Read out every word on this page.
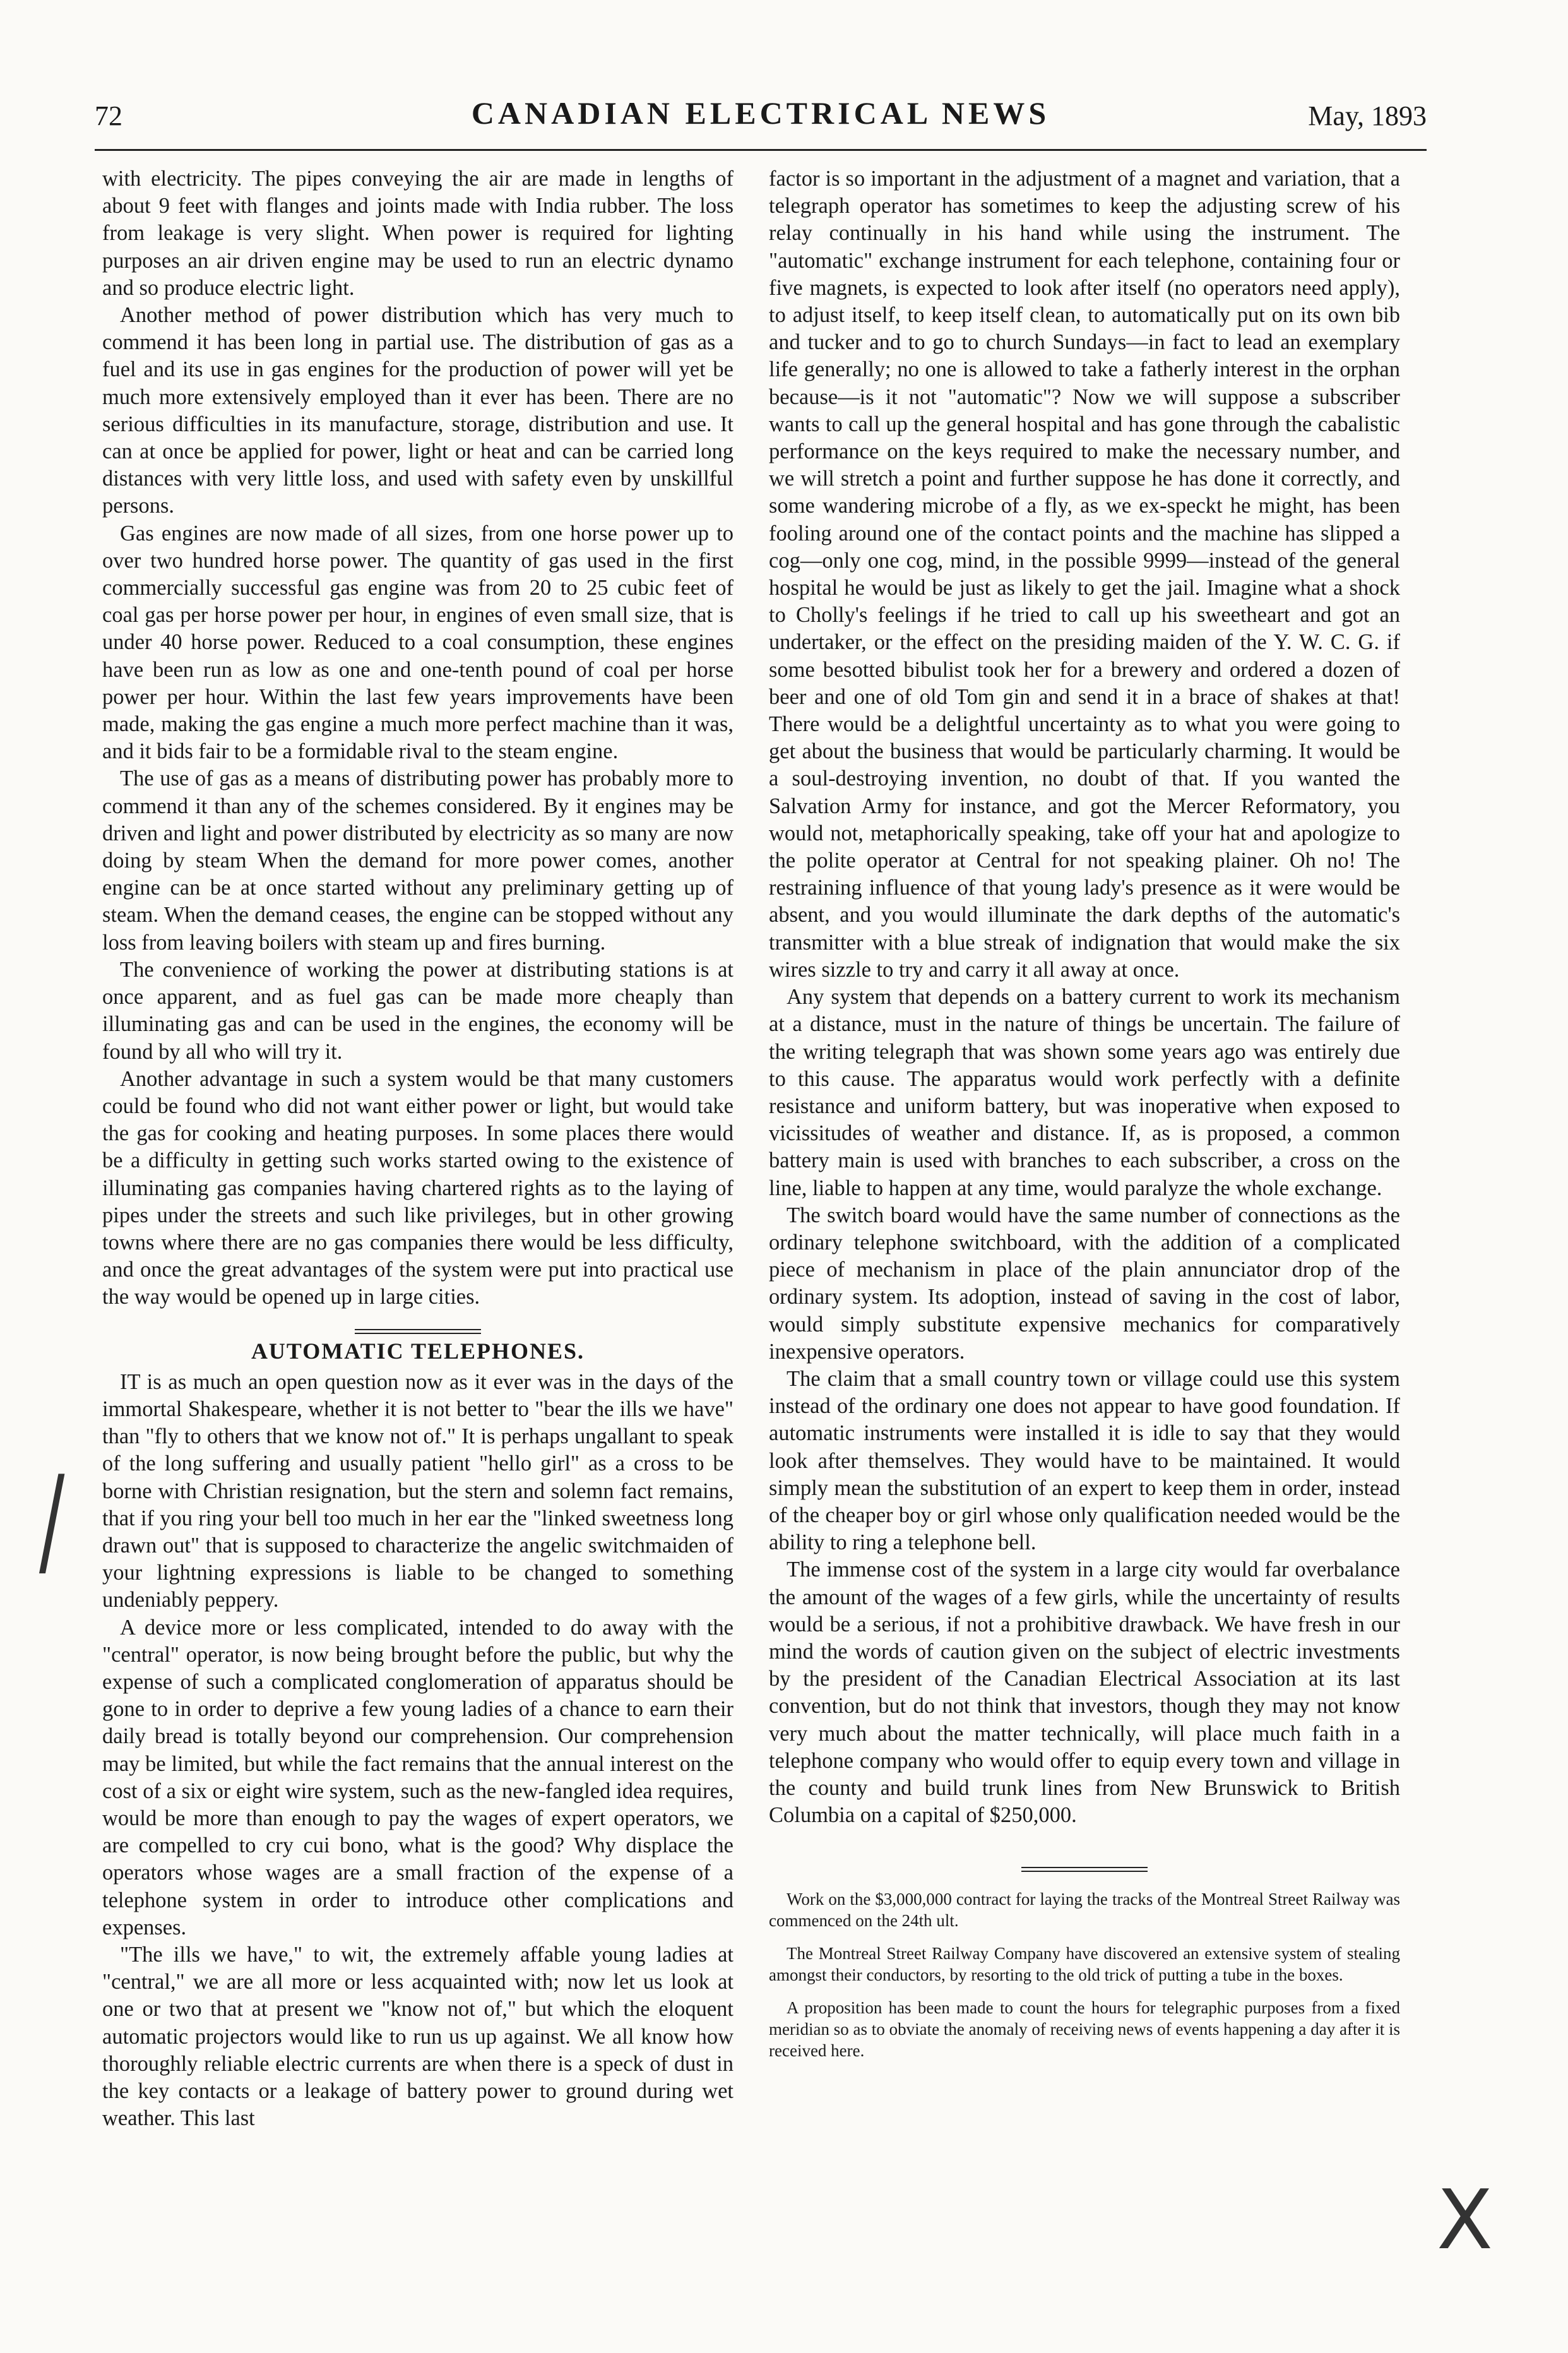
72	CANADIAN ELECTRICAL NEWS	May, 1893

with electricity. The pipes conveying the air are made in lengths of about 9 feet with flanges and joints made with India rubber. The loss from leakage is very slight. When power is required for lighting purposes an air driven engine may be used to run an electric dynamo and so produce electric light.

Another method of power distribution which has very much to commend it has been long in partial use. The distribution of gas as a fuel and its use in gas engines for the production of power will yet be much more extensively employed than it ever has been. There are no serious difficulties in its manufacture, storage, distribution and use. It can at once be applied for power, light or heat and can be carried long distances with very little loss, and used with safety even by unskillful persons.

Gas engines are now made of all sizes, from one horse power up to over two hundred horse power. The quantity of gas used in the first commercially successful gas engine was from 20 to 25 cubic feet of coal gas per horse power per hour, in engines of even small size, that is under 40 horse power. Reduced to a coal consumption, these engines have been run as low as one and one-tenth pound of coal per horse power per hour. Within the last few years improvements have been made, making the gas engine a much more perfect machine than it was, and it bids fair to be a formidable rival to the steam engine.

The use of gas as a means of distributing power has probably more to commend it than any of the schemes considered. By it engines may be driven and light and power distributed by electricity as so many are now doing by steam When the demand for more power comes, another engine can be at once started without any preliminary getting up of steam. When the demand ceases, the engine can be stopped without any loss from leaving boilers with steam up and fires burning.

The convenience of working the power at distributing stations is at once apparent, and as fuel gas can be made more cheaply than illuminating gas and can be used in the engines, the economy will be found by all who will try it.

Another advantage in such a system would be that many customers could be found who did not want either power or light, but would take the gas for cooking and heating purposes. In some places there would be a difficulty in getting such works started owing to the existence of illuminating gas companies having chartered rights as to the laying of pipes under the streets and such like privileges, but in other growing towns where there are no gas companies there would be less difficulty, and once the great advantages of the system were put into practical use the way would be opened up in large cities.

AUTOMATIC TELEPHONES.

IT is as much an open question now as it ever was in the days of the immortal Shakespeare, whether it is not better to "bear the ills we have" than "fly to others that we know not of." It is perhaps ungallant to speak of the long suffering and usually patient "hello girl" as a cross to be borne with Christian resignation, but the stern and solemn fact remains, that if you ring your bell too much in her ear the "linked sweetness long drawn out" that is supposed to characterize the angelic switchmaiden of your lightning expressions is liable to be changed to something undeniably peppery.

A device more or less complicated, intended to do away with the "central" operator, is now being brought before the public, but why the expense of such a complicated conglomeration of apparatus should be gone to in order to deprive a few young ladies of a chance to earn their daily bread is totally beyond our comprehension. Our comprehension may be limited, but while the fact remains that the annual interest on the cost of a six or eight wire system, such as the new-fangled idea requires, would be more than enough to pay the wages of expert operators, we are compelled to cry cui bono, what is the good? Why displace the operators whose wages are a small fraction of the expense of a telephone system in order to introduce other complications and expenses.

"The ills we have," to wit, the extremely affable young ladies at "central," we are all more or less acquainted with; now let us look at one or two that at present we "know not of," but which the eloquent automatic projectors would like to run us up against. We all know how thoroughly reliable electric currents are when there is a speck of dust in the key contacts or a leakage of battery power to ground during wet weather. This last

factor is so important in the adjustment of a magnet and variation, that a telegraph operator has sometimes to keep the adjusting screw of his relay continually in his hand while using the instrument. The "automatic" exchange instrument for each telephone, containing four or five magnets, is expected to look after itself (no operators need apply), to adjust itself, to keep itself clean, to automatically put on its own bib and tucker and to go to church Sundays—in fact to lead an exemplary life generally; no one is allowed to take a fatherly interest in the orphan because—is it not "automatic"? Now we will suppose a subscriber wants to call up the general hospital and has gone through the cabalistic performance on the keys required to make the necessary number, and we will stretch a point and further suppose he has done it correctly, and some wandering microbe of a fly, as we ex-speckt he might, has been fooling around one of the contact points and the machine has slipped a cog—only one cog, mind, in the possible 9999—instead of the general hospital he would be just as likely to get the jail. Imagine what a shock to Cholly's feelings if he tried to call up his sweetheart and got an undertaker, or the effect on the presiding maiden of the Y. W. C. G. if some besotted bibulist took her for a brewery and ordered a dozen of beer and one of old Tom gin and send it in a brace of shakes at that! There would be a delightful uncertainty as to what you were going to get about the business that would be particularly charming. It would be a soul-destroying invention, no doubt of that. If you wanted the Salvation Army for instance, and got the Mercer Reformatory, you would not, metaphorically speaking, take off your hat and apologize to the polite operator at Central for not speaking plainer. Oh no! The restraining influence of that young lady's presence as it were would be absent, and you would illuminate the dark depths of the automatic's transmitter with a blue streak of indignation that would make the six wires sizzle to try and carry it all away at once.

Any system that depends on a battery current to work its mechanism at a distance, must in the nature of things be uncertain. The failure of the writing telegraph that was shown some years ago was entirely due to this cause. The apparatus would work perfectly with a definite resistance and uniform battery, but was inoperative when exposed to vicissitudes of weather and distance. If, as is proposed, a common battery main is used with branches to each subscriber, a cross on the line, liable to happen at any time, would paralyze the whole exchange.

The switch board would have the same number of connections as the ordinary telephone switchboard, with the addition of a complicated piece of mechanism in place of the plain annunciator drop of the ordinary system. Its adoption, instead of saving in the cost of labor, would simply substitute expensive mechanics for comparatively inexpensive operators.

The claim that a small country town or village could use this system instead of the ordinary one does not appear to have good foundation. If automatic instruments were installed it is idle to say that they would look after themselves. They would have to be maintained. It would simply mean the substitution of an expert to keep them in order, instead of the cheaper boy or girl whose only qualification needed would be the ability to ring a telephone bell.

The immense cost of the system in a large city would far overbalance the amount of the wages of a few girls, while the uncertainty of results would be a serious, if not a prohibitive drawback. We have fresh in our mind the words of caution given on the subject of electric investments by the president of the Canadian Electrical Association at its last convention, but do not think that investors, though they may not know very much about the matter technically, will place much faith in a telephone company who would offer to equip every town and village in the county and build trunk lines from New Brunswick to British Columbia on a capital of $250,000.

Work on the $3,000,000 contract for laying the tracks of the Montreal Street Railway was commenced on the 24th ult.

The Montreal Street Railway Company have discovered an extensive system of stealing amongst their conductors, by resorting to the old trick of putting a tube in the boxes.

A proposition has been made to count the hours for telegraphic purposes from a fixed meridian so as to obviate the anomaly of receiving news of events happening a day after it is received here.

/
X
